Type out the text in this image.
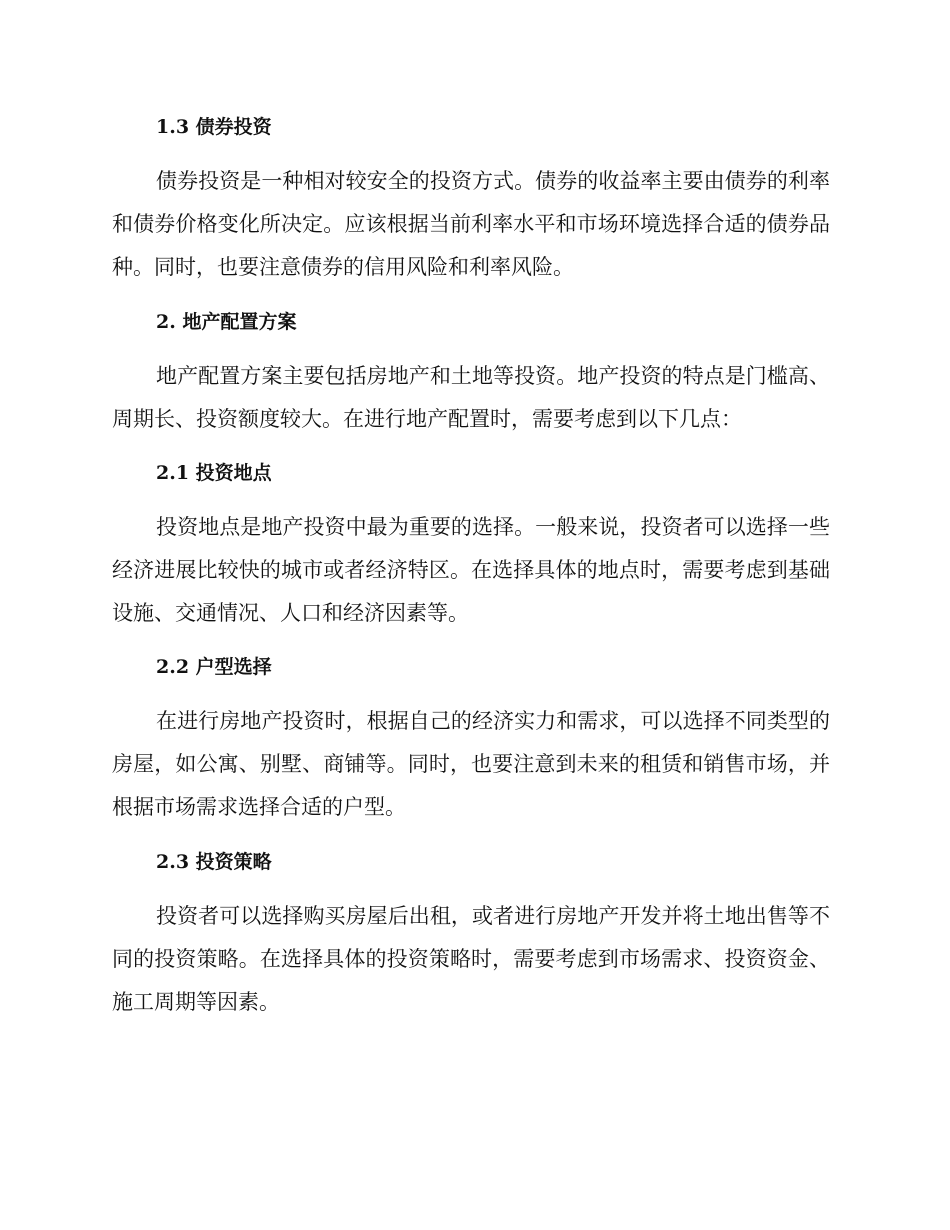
1.3 债券投资

债券投资是一种相对较安全的投资方式。债券的收益率主要由债券的利率和债券价格变化所决定。应该根据当前利率水平和市场环境选择合适的债券品种。同时，也要注意债券的信用风险和利率风险。

2. 地产配置方案

地产配置方案主要包括房地产和土地等投资。地产投资的特点是门槛高、周期长、投资额度较大。在进行地产配置时，需要考虑到以下几点：

2.1 投资地点

投资地点是地产投资中最为重要的选择。一般来说，投资者可以选择一些经济进展比较快的城市或者经济特区。在选择具体的地点时，需要考虑到基础设施、交通情况、人口和经济因素等。

2.2 户型选择

在进行房地产投资时，根据自己的经济实力和需求，可以选择不同类型的房屋，如公寓、别墅、商铺等。同时，也要注意到未来的租赁和销售市场，并根据市场需求选择合适的户型。

2.3 投资策略

投资者可以选择购买房屋后出租，或者进行房地产开发并将土地出售等不同的投资策略。在选择具体的投资策略时，需要考虑到市场需求、投资资金、施工周期等因素。
